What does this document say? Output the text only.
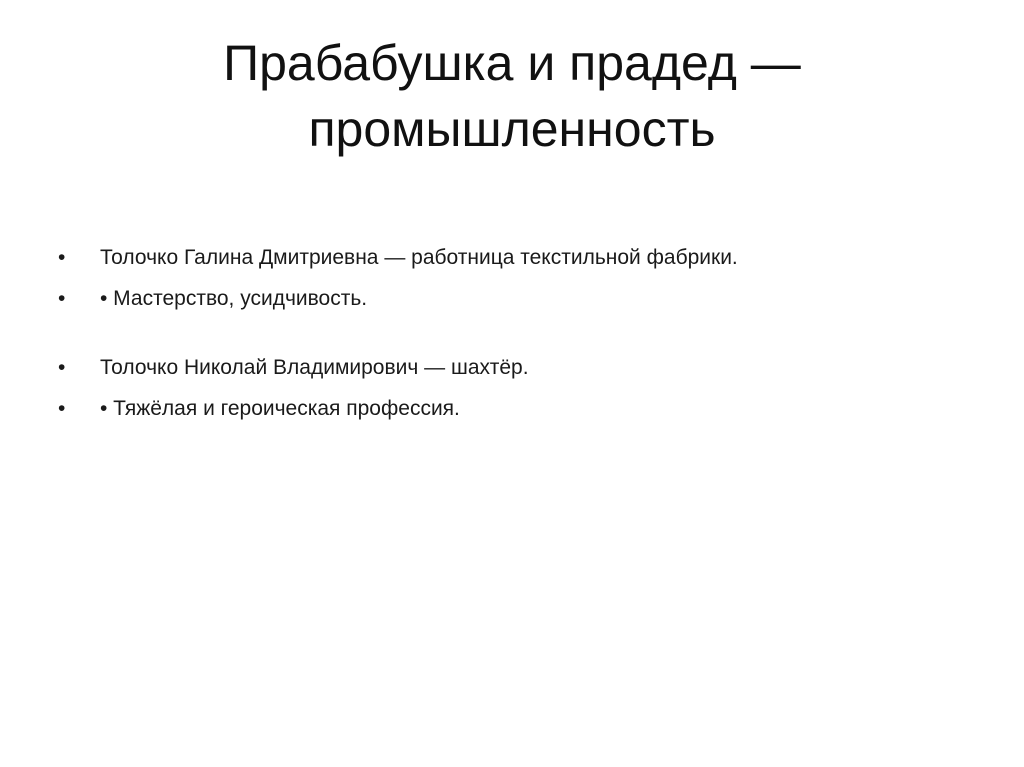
Прабабушка и прадед — промышленность
•	Толочко Галина Дмитриевна — работница текстильной фабрики.
•	• Мастерство, усидчивость.
•	Толочко Николай Владимирович — шахтёр.
•	• Тяжёлая и героическая профессия.
